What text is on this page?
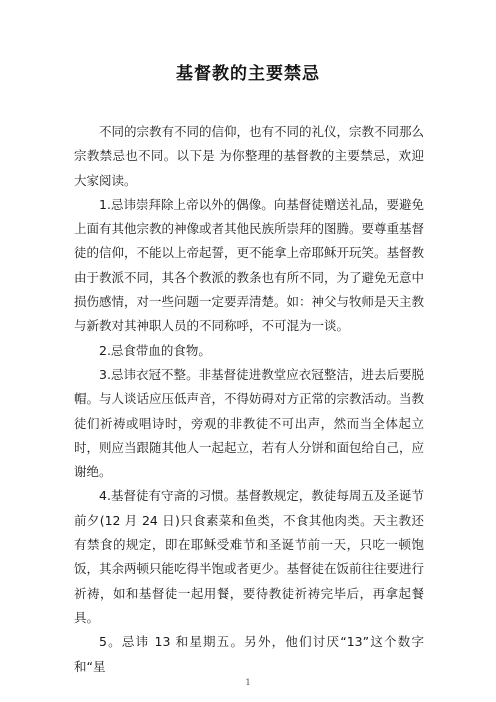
基督教的主要禁忌

不同的宗教有不同的信仰，也有不同的礼仪，宗教不同那么宗教禁忌也不同。以下是 为你整理的基督教的主要禁忌，欢迎大家阅读。

1.忌讳崇拜除上帝以外的偶像。向基督徒赠送礼品，要避免上面有其他宗教的神像或者其他民族所崇拜的图腾。要尊重基督徒的信仰，不能以上帝起誓，更不能拿上帝耶稣开玩笑。基督教由于教派不同，其各个教派的教条也有所不同，为了避免无意中损伤感情，对一些问题一定要弄清楚。如：神父与牧师是天主教与新教对其神职人员的不同称呼，不可混为一谈。

2.忌食带血的食物。

3.忌讳衣冠不整。非基督徒进教堂应衣冠整洁，进去后要脱帽。与人谈话应压低声音，不得妨碍对方正常的宗教活动。当教徒们祈祷或唱诗时，旁观的非教徒不可出声，然而当全体起立时，则应当跟随其他人一起起立，若有人分饼和面包给自己，应谢绝。

4.基督徒有守斋的习惯。基督教规定，教徒每周五及圣诞节前夕(12 月 24 日)只食素菜和鱼类，不食其他肉类。天主教还有禁食的规定，即在耶稣受难节和圣诞节前一天，只吃一顿饱饭，其余两顿只能吃得半饱或者更少。基督徒在饭前往往要进行祈祷，如和基督徒一起用餐，要待教徒祈祷完毕后，再拿起餐具。

5。忌讳 13 和星期五。另外，他们讨厌“13”这个数字和“星

1
